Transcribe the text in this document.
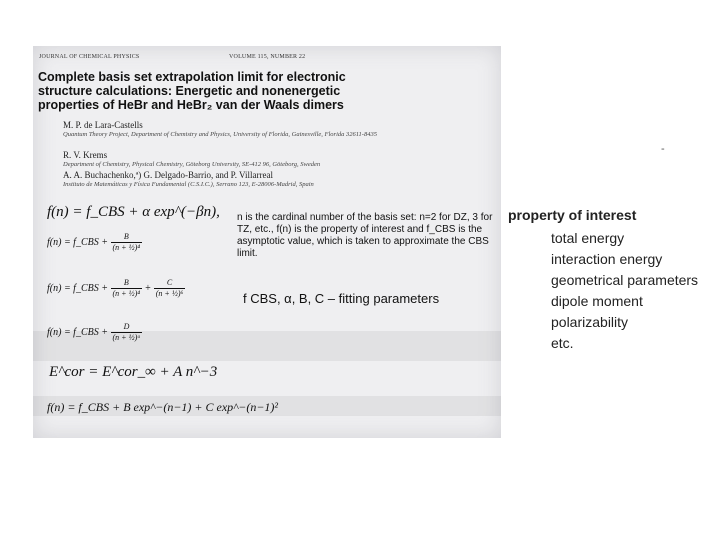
JOURNAL OF CHEMICAL PHYSICS	VOLUME 115, NUMBER 22
Complete basis set extrapolation limit for electronic structure calculations: Energetic and nonenergetic properties of HeBr and HeBr₂ van der Waals dimers
M. P. de Lara-Castells
Quantum Theory Project, Department of Chemistry and Physics, University of Florida, Gainesville, Florida 32611-8435
R. V. Krems
Department of Chemistry, Physical Chemistry, Göteborg University, SE-412 96, Göteborg, Sweden
A. A. Buchachenko,ª) G. Delgado-Barrio, and P. Villarreal
Instituto de Matemáticas y Física Fundamental (C.S.I.C.), Serrano 123, E-28006-Madrid, Spain
f(n) = f_CBS + α exp^(−βn),
f(n) = f_CBS + $\frac{B}{\text{(n + ½)⁴}}$
f(n) = f_CBS + $\frac{B}{\text{(n + ½)⁴}} + \frac{C}{\text{(n + ½)⁶}}$
f(n) = f_CBS + $\frac{D}{\text{(n + ½)ᵅ}}$
E^cor = E^cor_∞ + A n^−3
f(n) = f_CBS + B exp^−(n−1) + C exp^−(n−1)²
n is the cardinal number of the basis set: n=2 for DZ, 3 for TZ, etc., f(n) is the property of interest and f_CBS is the asymptotic value, which is taken to approximate the CBS limit.
f CBS, α, B, C – fitting parameters
-
property of interest
total energy
interaction energy
geometrical parameters
dipole moment
polarizability
etc.
